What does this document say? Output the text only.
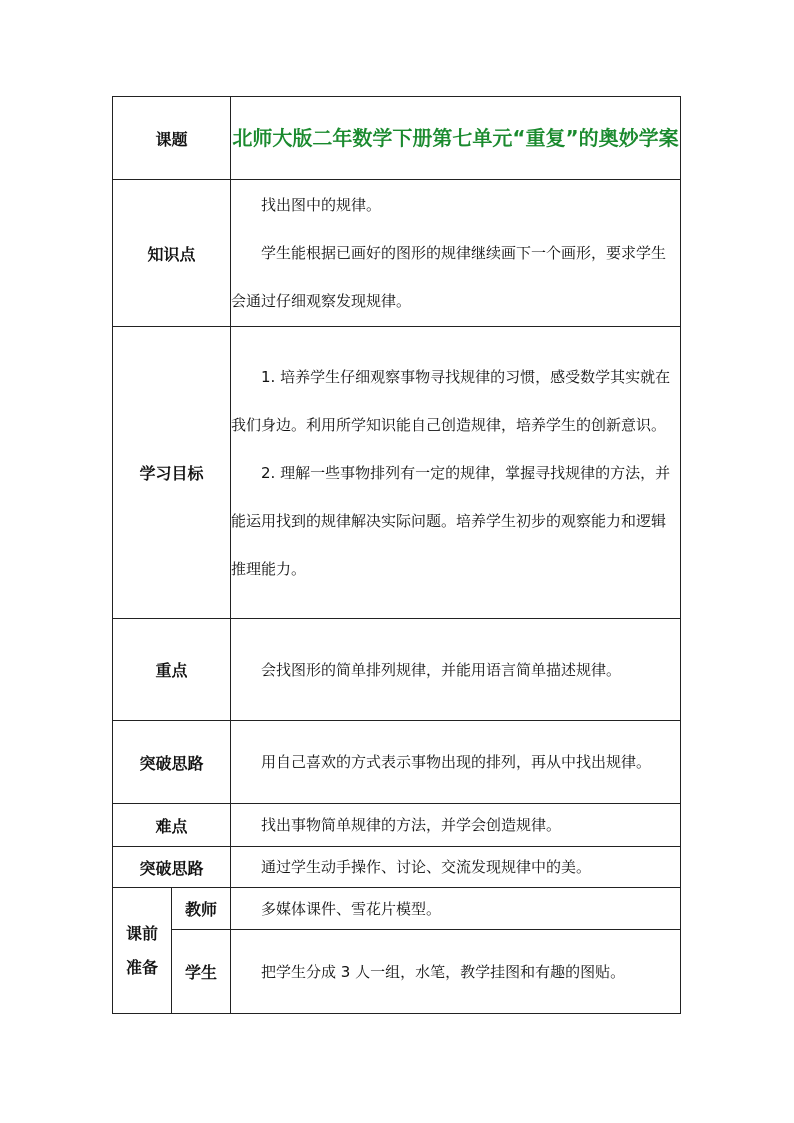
课题		北师大版二年数学下册第七单元“重复”的奥妙学案
知识点		找出图中的规律。

学生能根据已画好的图形的规律继续画下一个画形，要求学生会通过仔细观察发现规律。

学习目标		1. 培养学生仔细观察事物寻找规律的习惯，感受数学其实就在我们身边。利用所学知识能自己创造规律，培养学生的创新意识。

2. 理解一些事物排列有一定的规律，掌握寻找规律的方法，并能运用找到的规律解决实际问题。培养学生初步的观察能力和逻辑推理能力。

重点		会找图形的简单排列规律，并能用语言简单描述规律。

突破思路		用自己喜欢的方式表示事物出现的排列，再从中找出规律。

难点		找出事物简单规律的方法，并学会创造规律。

突破思路		通过学生动手操作、讨论、交流发现规律中的美。

课前准备	教师	多媒体课件、雪花片模型。

	学生	把学生分成 3 人一组，水笔，教学挂图和有趣的图贴。
